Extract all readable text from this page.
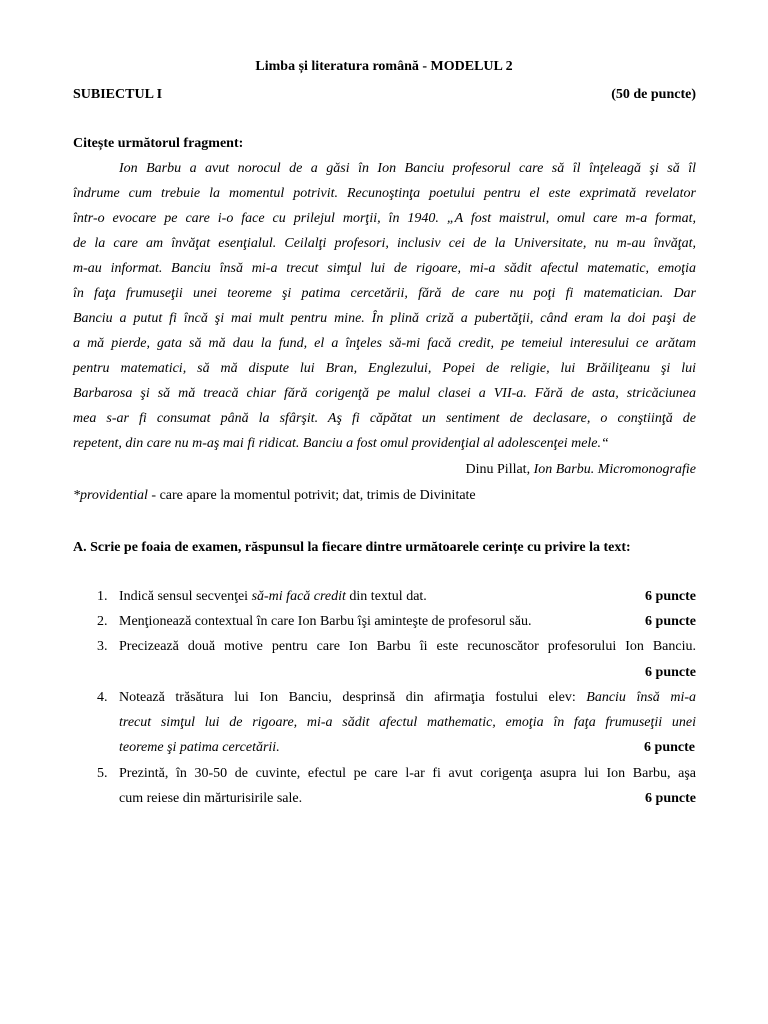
Limba și literatura română - MODELUL 2
SUBIECTUL I	(50 de puncte)
Citește următorul fragment:
Ion Barbu a avut norocul de a găsi în Ion Banciu profesorul care să îl înţeleagă şi să îl
îndrume cum trebuie la momentul potrivit. Recunoştinţa poetului pentru el este exprimată revelator
într-o evocare pe care i-o face cu prilejul morţii, în 1940. „A fost maistrul, omul care m-a format,
de la care am învăţat esenţialul. Ceilalţi profesori, inclusiv cei de la Universitate, nu m-au învăţat,
m-au informat. Banciu însă mi-a trecut simţul lui de rigoare, mi-a sădit afectul matematic, emoţia
în faţa frumuseţii unei teoreme şi patima cercetării, fără de care nu poţi fi matematician. Dar
Banciu a putut fi încă şi mai mult pentru mine. În plină criză a pubertăţii, când eram la doi paşi de
a mă pierde, gata să mă dau la fund, el a înţeles să-mi facă credit, pe temeiul interesului ce arătam
pentru matematici, să mă dispute lui Bran, Englezului, Popei de religie, lui Brăiliţeanu şi lui
Barbarosa şi să mă treacă chiar fără corigenţă pe malul clasei a VII-a. Fără de asta, stricăciunea
mea s-ar fi consumat până la sfârşit. Aş fi căpătat un sentiment de declasare, o conştiinţă de
repetent, din care nu m-aş mai fi ridicat. Banciu a fost omul providenţial al adolescenţei mele.“
Dinu Pillat, Ion Barbu. Micromonografie
*providential - care apare la momentul potrivit; dat, trimis de Divinitate
A. Scrie pe foaia de examen, răspunsul la fiecare dintre următoarele cerințe cu privire la text:
1. Indică sensul secvenţei să-mi facă credit din textul dat.	6 puncte
2. Menţionează contextual în care Ion Barbu îşi aminteşte de profesorul său.	6 puncte
3. Precizează două motive pentru care Ion Barbu îi este recunoscător profesorului Ion Banciu.
6 puncte
4. Notează trăsătura lui Ion Banciu, desprinsă din afirmaţia fostului elev: Banciu însă mi-a
trecut simţul lui de rigoare, mi-a sădit afectul mathematic, emoţia în faţa frumuseţii unei
teoreme şi patima cercetării.	6 puncte
5. Prezintă, în 30-50 de cuvinte, efectul pe care l-ar fi avut corigenţa asupra lui Ion Barbu, aşa
cum reiese din mărturisirile sale.	6 puncte
